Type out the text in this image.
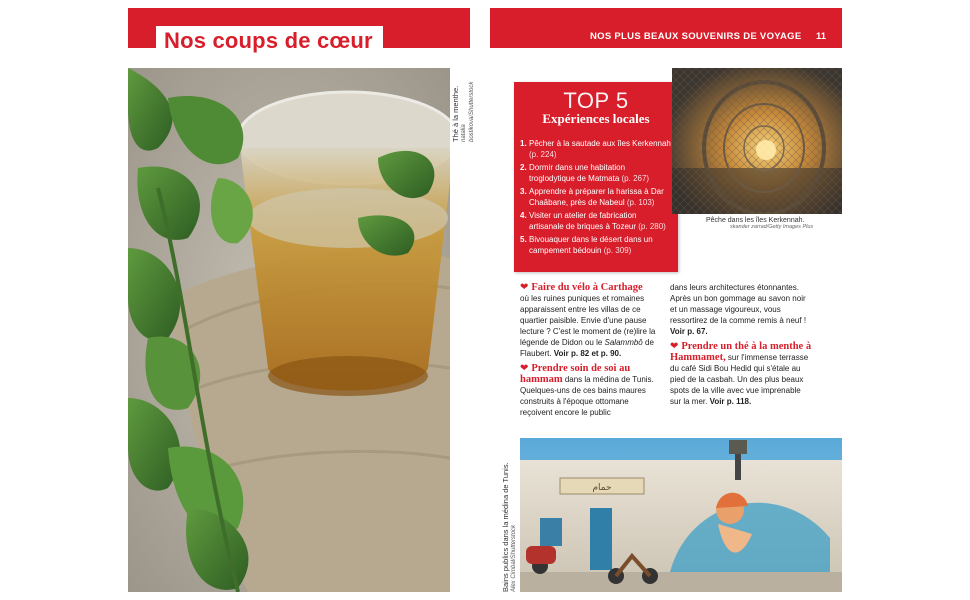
Nos coups de cœur	NOS PLUS BEAUX SOUVENIRS DE VOYAGE 11
Thé à la menthe. natalia bostikova/Shutterstock	TOP 5
Expériences locales
1. Pêcher à la sautade aux îles Kerkennah (p. 224)
2. Dormir dans une habitation troglodytique de Matmata (p. 267)
3. Apprendre à préparer la harissa à Dar Chaâbane, près de Nabeul (p. 103)
4. Visiter un atelier de fabrication artisanale de briques à Tozeur (p. 280)
5. Bivouaquer dans le désert dans un campement bédouin (p. 309)
Pêche dans les îles Kerkennah.
skander zarrad/Getty Images Plus
❤ Faire du vélo à Carthage
où les ruines puniques et romaines apparaissent entre les villas de ce quartier paisible. Envie d'une pause lecture ? C'est le moment de (re)lire la légende de Didon ou le Salammbô de Flaubert. Voir p. 82 et p. 90.
❤ Prendre soin de soi au hammam dans la médina de Tunis. Quelques-uns de ces bains maures construits à l'époque ottomane reçoivent encore le public
dans leurs architectures étonnantes. Après un bon gommage au savon noir et un massage vigoureux, vous ressortirez de la comme remis à neuf ! Voir p. 67.
❤ Prendre un thé à la menthe à Hammamet, sur l'immense terrasse du café Sidi Bou Hedid qui s'étale au pied de la casbah. Un des plus beaux spots de la ville avec vue imprenable sur la mer. Voir p. 118.
حمام
Bains publics dans la médina de Tunis. Alex Cimbal/Shutterstock
